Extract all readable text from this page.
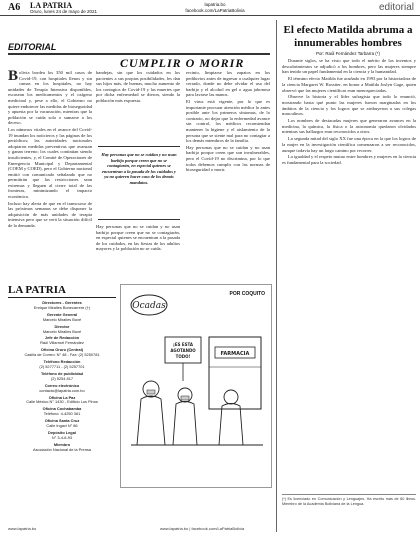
A6 LA PATRIA
Oruro, lunes 24 de mayo de 2021
lapatria.bo
facebook.com/LaPatriaBolivia	editorial
EDITORIAL
CUMPLIR O MORIR

Bolivia bordea los 350 mil casos de Covid-19, con hospitales llenos y sin camas en los hospitales, no hay unidades de Terapia Intensiva disponibles, escasean los medicamentos y el oxígeno medicinal y, pese a ello, el Gobierno no quiere endurecer las medidas de bioseguridad y apuesta por la vacunación, mientras que la población se cuida sola o sumarse a los deceso.

Los números vitales en el avance del Covid-19 inundan los noticieros y las páginas de los periódicos; las autoridades nacionales adoptaron medidas preventivas que avanzan y ganan terreno; los cuales continúan siendo insuficientes, y, el Comité de Operaciones de Emergencia Municipal y Departamental (COEM y COED), pero el Gobierno nacional emitió con comunicado señalando que no permitirán que las restricciones sean extremas y lleguen al cierre total de las fronteras, minimizando el impacto económico.

Incluso hay alerta de que en el transcurso de las próximas semanas se debe disponer la adquisición de más unidades de terapia intensiva pero que se verá la situación difícil de la demanda.

bandejas, sin que los cuidados en los pacientes a sus propias posibilidades, les dan sus hijos más, de buenas, mucho aumento de los contagios de Covid-19 y las muertes que por dicha enfermedad se dieron, siendo la población más expuesta.

Hay personas que no se cuidan y no usan barbijo porque creen que no se contagiarán, en especial quienes se encuentran a la pasada de los cuidados y ya no quieren hacer caso de los demás mandatos.

Hay personas que no se cuidan y no usan barbijo porque creen que no se contagiarán, en especial quienes se encuentran a la pasada de los cuidados, en las fiestas de los adultos mayores y la población no se cuida.

recinto, limpiarse los zapatos en los pediluvios antes de ingresar a cualquier lugar cerrado, donde no debe olvidar el uso del barbijo y el alcohol en gel o agua jabonosa para lavarse las manos.

El virus está vigente, por lo que es importante procurar atención médica lo antes posible ante los primeros síntomas, de lo contrario, no dejar que la enfermedad avance sin control, los médicos recomiendan mantener la higiene y el aislamiento de la persona que se siente mal para no contagiar a los demás miembros de la familia.

Hay personas que no se cuidan y no usan barbijo porque creen que son invulnerables, pero el Covid-19 no discrimina, por lo que todos debemos cumplir con las normas de bioseguridad o morir.

LA PATRIA
Directores - Gerentes
Enrique Miralles Bonecarrere (†)
Gerente General
Marcelo Miralles Bové
Director
Marcelo Miralles Bové
Jefe de Redacción
Raúl Villarroel Fernández
Oficina Oruro (Central)
Casilla de Correo: N° 48 - Fax: (2) 5250781
Teléfono Redacción
(2) 5277711 - (2) 5257701
Teléfono de publicidad
(2) 5254 817
Correo electrónico
contacto@lapatria.com.bo
Oficina La Paz
Calle México N° 1430 - Edificio Los Pinos
Oficina Cochabamba
Teléfono: 4-4250 361
Oficina Santa Cruz
Calle Ingavi N° 86
Depósito Legal
N° 3-4-6-93
Miembro
Asociación Nacional de la Prensa
Ocadas
FARMACIA
¡ES ESTA
AGOTANDO
TODO!
POR COQUITO
El efecto Matilda abruma a innumerables hombres
Por: Raúl Fernández Tarbarra (*)

Durante siglos, se ha visto que todo el mérito de los inventos y descubrimientos se adjudicó a los hombres, pero las mujeres siempre han tenido un papel fundamental en la ciencia y la humanidad.

El término efecto Matilda fue acuñado en 1993 por la historiadora de la ciencia Margaret W. Rossiter, en honor a Matilda Joslyn Gage, quien observó que las mujeres científicas eran menospreciadas.

Observe la historia y el líder sufragista que todo lo enunció, mostrando hasta qué punto las mujeres fueron marginadas en los ámbitos de la ciencia y los logros que se atribuyeron a sus colegas masculinos.

Los nombres de destacadas mujeres que generaron avances en la medicina, la química, la física o la astronomía quedaron olvidados mientras sus hallazgos eran reconocidos a otros.

La segunda mitad del siglo XX fue una época en la que los logros de la mujer en la investigación científica comenzaron a ser reconocidos, aunque todavía hay un largo camino por recorrer.

La igualdad y el respeto mutuo entre hombres y mujeres en la ciencia es fundamental para la sociedad.

(*) Es licenciado en Comunicación y Lenguajes. Ha escrito más de 60 libros. Miembro de la Academia Boliviana de la Lengua.
www.lapatria.bo	www.lapatria.bo | facebook.com/LaPatriaBolivia
